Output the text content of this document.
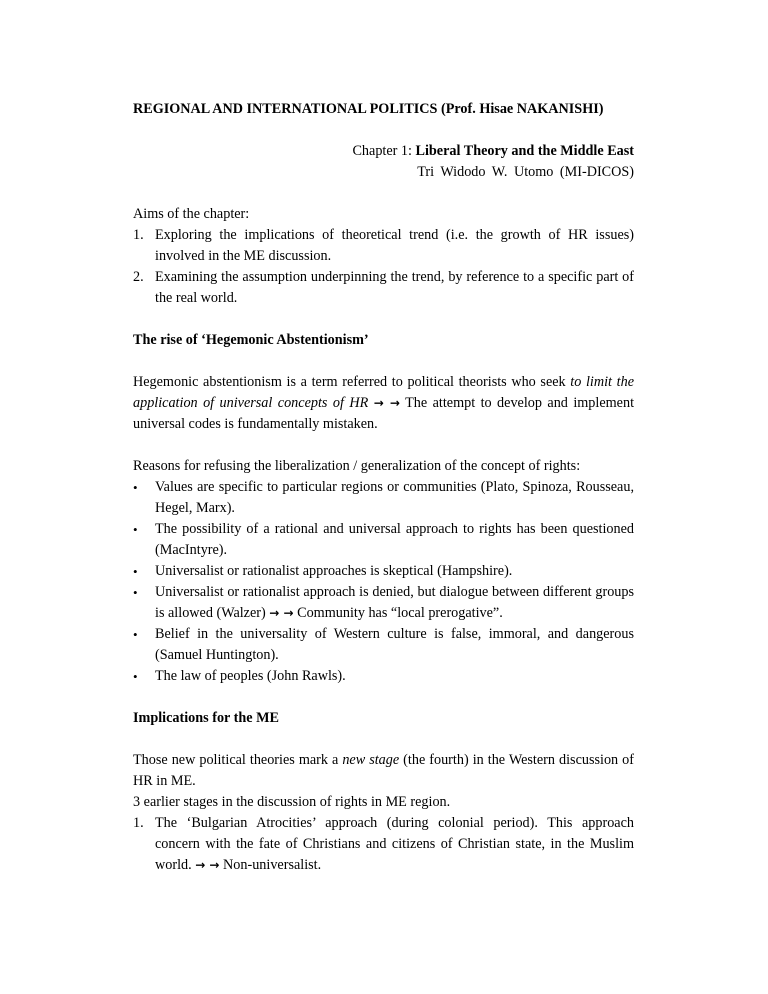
REGIONAL AND INTERNATIONAL POLITICS (Prof. Hisae NAKANISHI)

Chapter 1: Liberal Theory and the Middle East
Tri Widodo W. Utomo (MI-DICOS)
Aims of the chapter:
1. Exploring the implications of theoretical trend (i.e. the growth of HR issues) involved in the ME discussion.
2. Examining the assumption underpinning the trend, by reference to a specific part of the real world.
The rise of ‘Hegemonic Abstentionism’
Hegemonic abstentionism is a term referred to political theorists who seek to limit the application of universal concepts of HR → → The attempt to develop and implement universal codes is fundamentally mistaken.
Reasons for refusing the liberalization / generalization of the concept of rights:
• Values are specific to particular regions or communities (Plato, Spinoza, Rousseau, Hegel, Marx).
• The possibility of a rational and universal approach to rights has been questioned (MacIntyre).
• Universalist or rationalist approaches is skeptical (Hampshire).
• Universalist or rationalist approach is denied, but dialogue between different groups is allowed (Walzer) → → Community has “local prerogative”.
• Belief in the universality of Western culture is false, immoral, and dangerous (Samuel Huntington).
• The law of peoples (John Rawls).
Implications for the ME
Those new political theories mark a new stage (the fourth) in the Western discussion of HR in ME.
3 earlier stages in the discussion of rights in ME region.
1. The ‘Bulgarian Atrocities’ approach (during colonial period). This approach concern with the fate of Christians and citizens of Christian state, in the Muslim world. → → Non-universalist.
